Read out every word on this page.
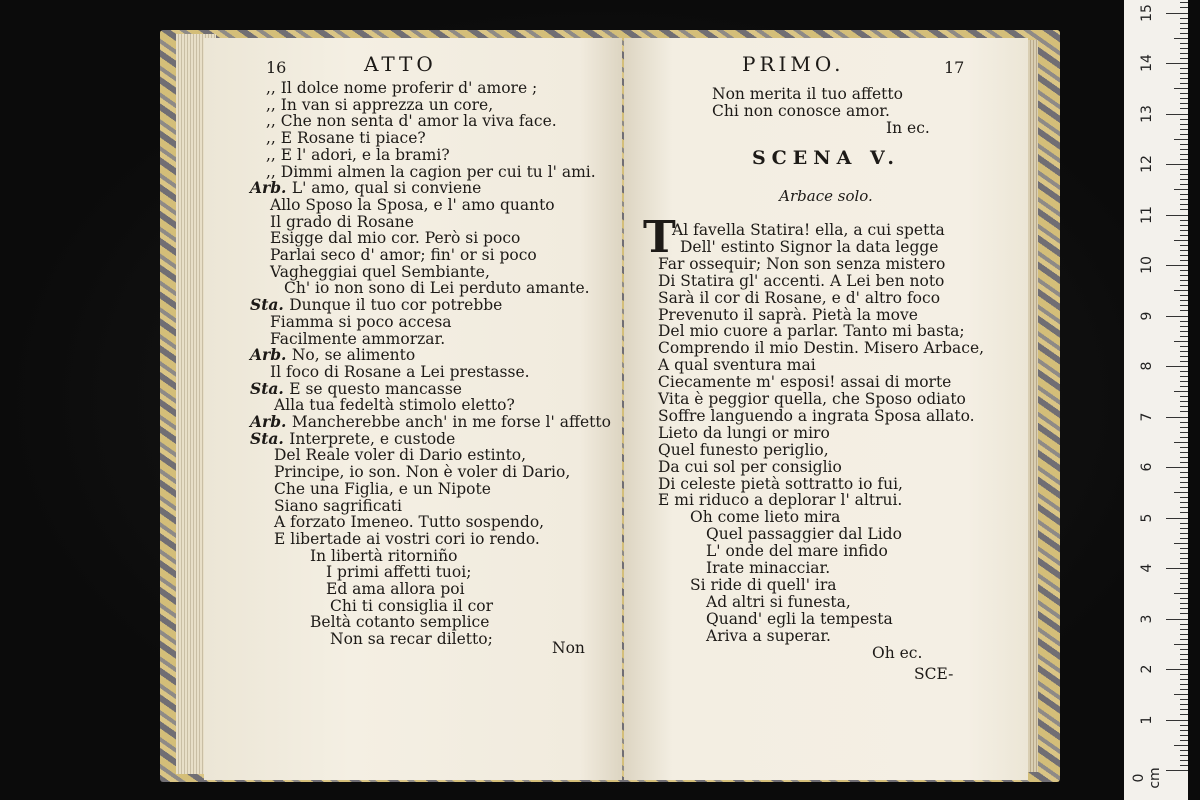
16	ATTO
,, Il dolce nome proferir d' amore ;
,, In van si apprezza un core,
,, Che non senta d' amor la viva face.
,, E Rosane ti piace?
,, E l' adori, e la brami?
,, Dimmi almen la cagion per cui tu l' ami.
Arb. L' amo, qual si conviene
Allo Sposo la Sposa, e l' amo quanto
Il grado di Rosane
Esigge dal mio cor. Però si poco
Parlai seco d' amor; fin' or si poco
Vagheggiai quel Sembiante,
Ch' io non sono di Lei perduto amante.
Sta. Dunque il tuo cor potrebbe
Fiamma si poco accesa
Facilmente ammorzar.
Arb. No, se alimento
Il foco di Rosane a Lei prestasse.
Sta. E se questo mancasse
Alla tua fedeltà stimolo eletto?
Arb. Mancherebbe anch' in me forse l' affetto
Sta. Interprete, e custode
Del Reale voler di Dario estinto,
Principe, io son. Non è voler di Dario,
Che una Figlia, e un Nipote
Siano sagrificati
A forzato Imeneo. Tutto sospendo,
E libertade ai vostri cori io rendo.
In libertà ritorniño
I primi affetti tuoi;
Ed ama allora poi
Chi ti consiglia il cor
Beltà cotanto semplice
Non sa recar diletto;	Non
PRIMO.	17
Non merita il tuo affetto
Chi non conosce amor.
In ec.
SCENA V.
Arbace solo.
T
Al favella Statira! ella, a cui spetta
Dell' estinto Signor la data legge
Far ossequir; Non son senza mistero
Di Statira gl' accenti. A Lei ben noto
Sarà il cor di Rosane, e d' altro foco
Prevenuto il saprà. Pietà la move
Del mio cuore a parlar. Tanto mi basta;
Comprendo il mio Destin. Misero Arbace,
A qual sventura mai
Ciecamente m' esposi! assai di morte
Vita è peggior quella, che Sposo odiato
Soffre languendo a ingrata Sposa allato.
Lieto da lungi or miro
Quel funesto periglio,
Da cui sol per consiglio
Di celeste pietà sottratto io fui,
E mi riduco a deplorar l' altrui.
Oh come lieto mira
Quel passaggier dal Lido
L' onde del mare infido
Irate minacciar.
Si ride di quell' ira
Ad altri si funesta,
Quand' egli la tempesta
Ariva a superar.
Oh ec.
SCE-
0 cm
1
2
3
4
5
6
7
8
9
10
11
12
13
14
15
